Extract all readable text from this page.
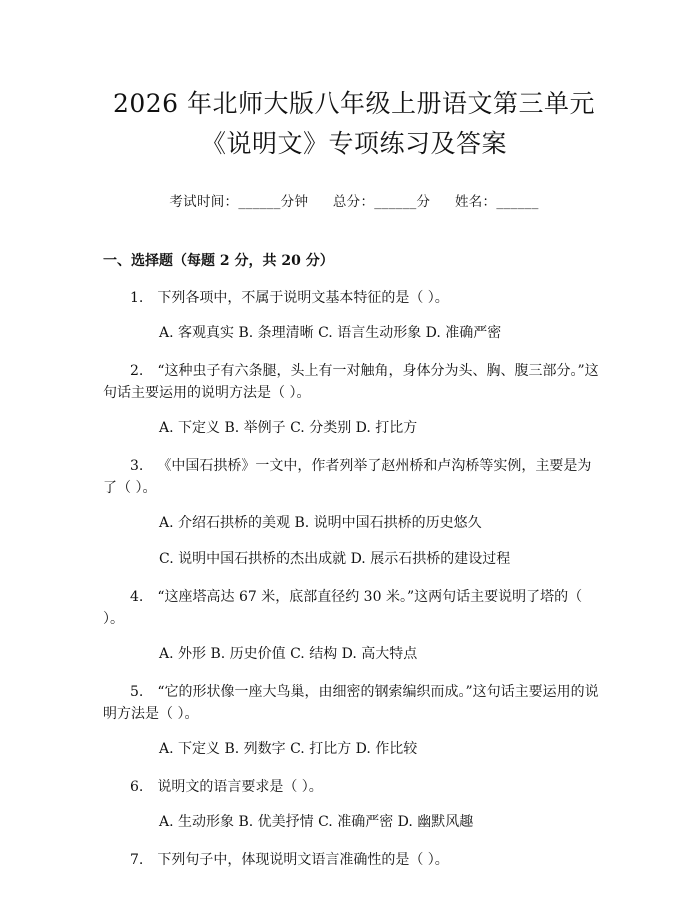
2026 年北师大版八年级上册语文第三单元
《说明文》专项练习及答案
考试时间：______分钟 总分：______分 姓名：______
一、选择题（每题 2 分，共 20 分）
1. 下列各项中，不属于说明文基本特征的是（ ）。
A. 客观真实 B. 条理清晰 C. 语言生动形象 D. 准确严密
2. “这种虫子有六条腿，头上有一对触角，身体分为头、胸、腹三部分。”这句话主要运用的说明方法是（ ）。
A. 下定义 B. 举例子 C. 分类别 D. 打比方
3. 《中国石拱桥》一文中，作者列举了赵州桥和卢沟桥等实例，主要是为了（ ）。
A. 介绍石拱桥的美观 B. 说明中国石拱桥的历史悠久
C. 说明中国石拱桥的杰出成就 D. 展示石拱桥的建设过程
4. “这座塔高达 67 米，底部直径约 30 米。”这两句话主要说明了塔的（ ）。
A. 外形 B. 历史价值 C. 结构 D. 高大特点
5. “它的形状像一座大鸟巢，由细密的钢索编织而成。”这句话主要运用的说明方法是（ ）。
A. 下定义 B. 列数字 C. 打比方 D. 作比较
6. 说明文的语言要求是（ ）。
A. 生动形象 B. 优美抒情 C. 准确严密 D. 幽默风趣
7. 下列句子中，体现说明文语言准确性的是（ ）。
